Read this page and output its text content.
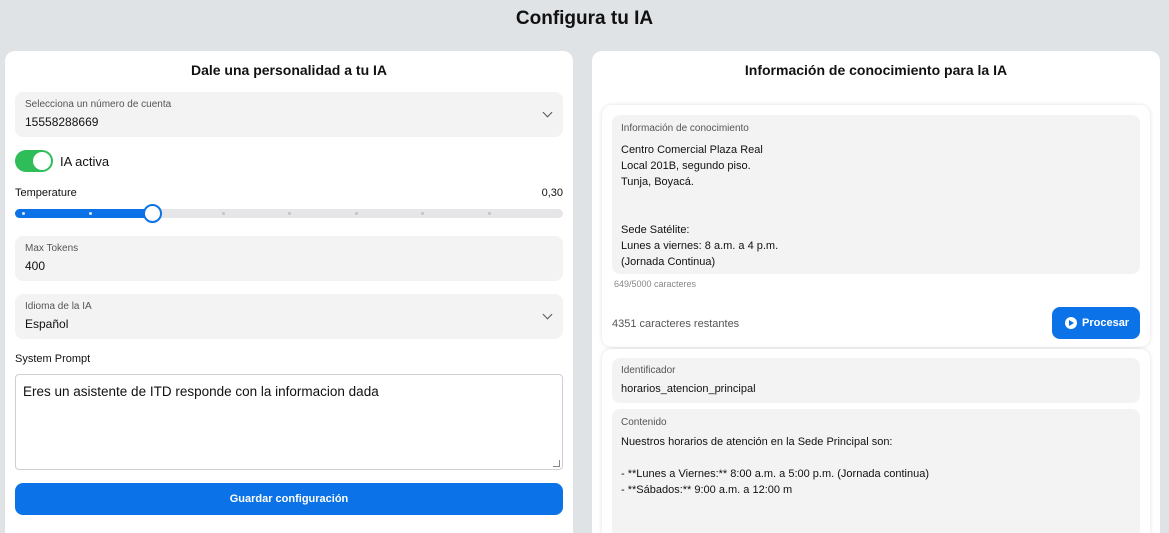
Configura tu IA
Dale una personalidad a tu IA
Selecciona un número de cuenta
15558288669
IA activa
Temperature	0,30
Max Tokens
400
Idioma de la IA
Español
System Prompt
Eres un asistente de ITD responde con la informacion dada
Guardar configuración
Información de conocimiento para la IA
Información de conocimiento
Centro Comercial Plaza Real
Local 201B, segundo piso.
Tunja, Boyacá.

Sede Satélite:
Lunes a viernes: 8 a.m. a 4 p.m.
(Jornada Continua)
649/5000 caracteres
4351 caracteres restantes	Procesar
Identificador
horarios_atencion_principal
Contenido
Nuestros horarios de atención en la Sede Principal son:

- **Lunes a Viernes:** 8:00 a.m. a 5:00 p.m. (Jornada continua)
- **Sábados:** 9:00 a.m. a 12:00 m
